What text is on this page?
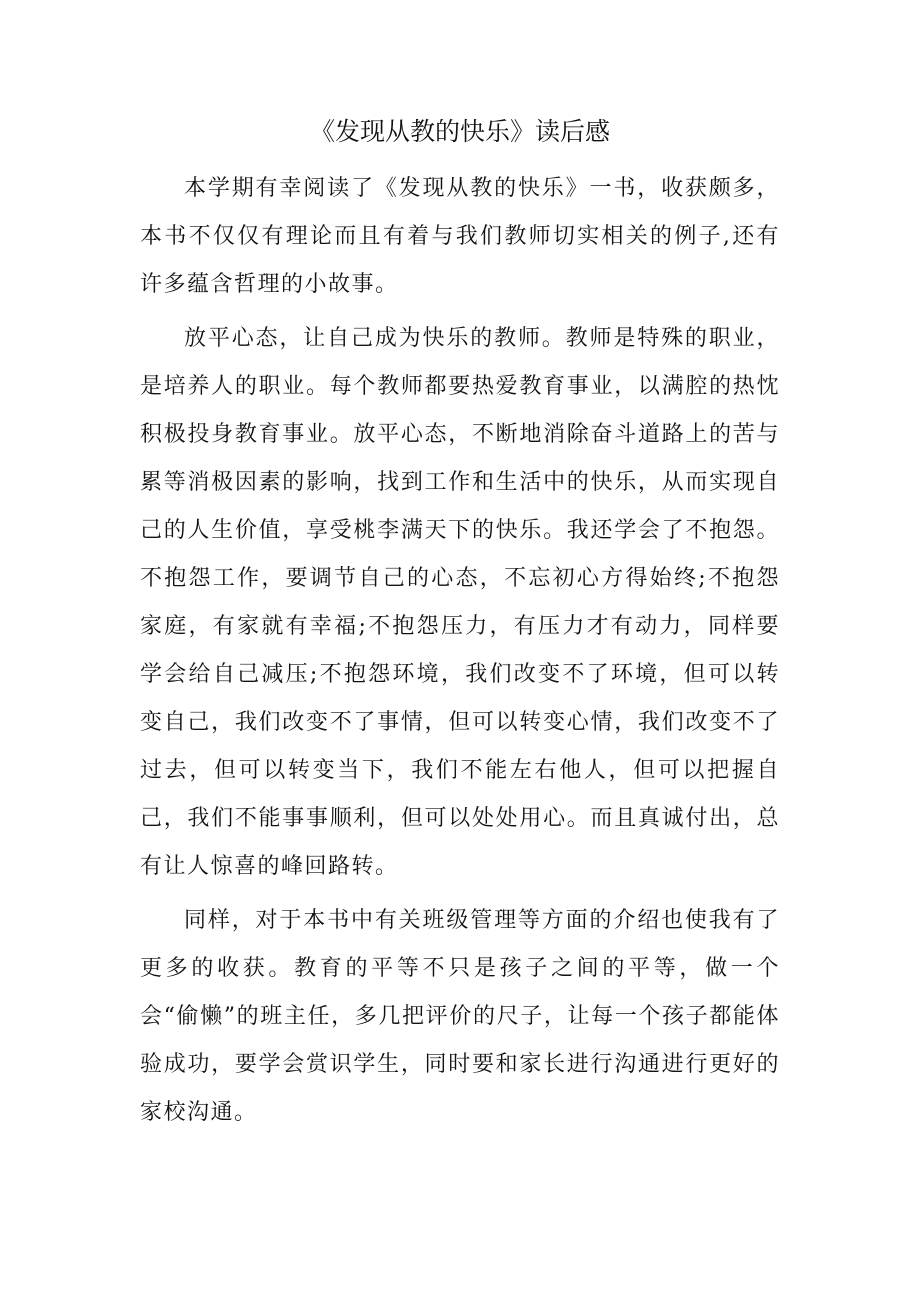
《发现从教的快乐》读后感

本学期有幸阅读了《发现从教的快乐》一书，收获颇多，本书不仅仅有理论而且有着与我们教师切实相关的例子,还有许多蕴含哲理的小故事。

放平心态，让自己成为快乐的教师。教师是特殊的职业，是培养人的职业。每个教师都要热爱教育事业，以满腔的热忱积极投身教育事业。放平心态，不断地消除奋斗道路上的苦与累等消极因素的影响，找到工作和生活中的快乐，从而实现自己的人生价值，享受桃李满天下的快乐。我还学会了不抱怨。不抱怨工作，要调节自己的心态，不忘初心方得始终;不抱怨家庭，有家就有幸福;不抱怨压力，有压力才有动力，同样要学会给自己减压;不抱怨环境，我们改变不了环境，但可以转变自己，我们改变不了事情，但可以转变心情，我们改变不了过去，但可以转变当下，我们不能左右他人，但可以把握自己，我们不能事事顺利，但可以处处用心。而且真诚付出，总有让人惊喜的峰回路转。

同样，对于本书中有关班级管理等方面的介绍也使我有了更多的收获。教育的平等不只是孩子之间的平等，做一个会“偷懒”的班主任，多几把评价的尺子，让每一个孩子都能体验成功，要学会赏识学生，同时要和家长进行沟通进行更好的家校沟通。
